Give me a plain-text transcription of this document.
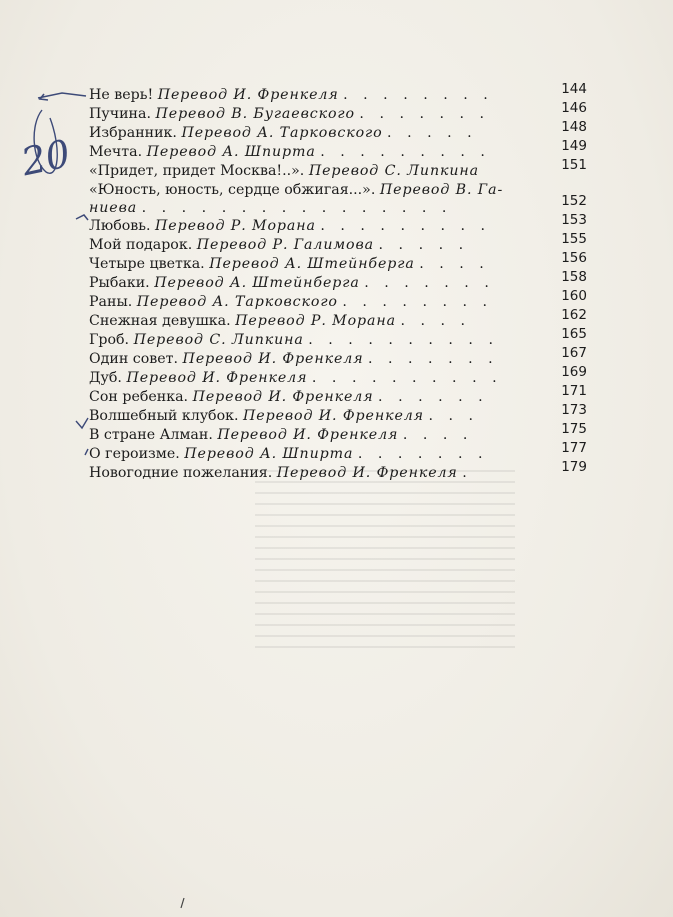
20
Не верь! Перевод И. Френкеля . . . . . . . .	144
Пучина. Перевод В. Бугаевского . . . . . . .	146
Избранник. Перевод А. Тарковского . . . . .	148
Мечта. Перевод А. Шпирта . . . . . . . . .	149
«Придет, придет Москва!..». Перевод С. Липкина	151
«Юность, юность, сердце обжигая...». Перевод В. Га-
ниева . . . . . . . . . . . . . . . .	152
Любовь. Перевод Р. Морана . . . . . . . . .	153
Мой подарок. Перевод Р. Галимова . . . . .	155
Четыре цветка. Перевод А. Штейнберга . . . .	156
Рыбаки. Перевод А. Штейнберга . . . . . . .	158
Раны. Перевод А. Тарковского . . . . . . . .	160
Снежная девушка. Перевод Р. Морана . . . .	162
Гроб. Перевод С. Липкина . . . . . . . . . .	165
Один совет. Перевод И. Френкеля . . . . . . .	167
Дуб. Перевод И. Френкеля . . . . . . . . . .	169
Сон ребенка. Перевод И. Френкеля . . . . . .	171
Волшебный клубок. Перевод И. Френкеля . . .	173
В стране Алман. Перевод И. Френкеля . . . .	175
О героизме. Перевод А. Шпирта . . . . . . .	177
Новогодние пожелания. Перевод И. Френкеля .	179
